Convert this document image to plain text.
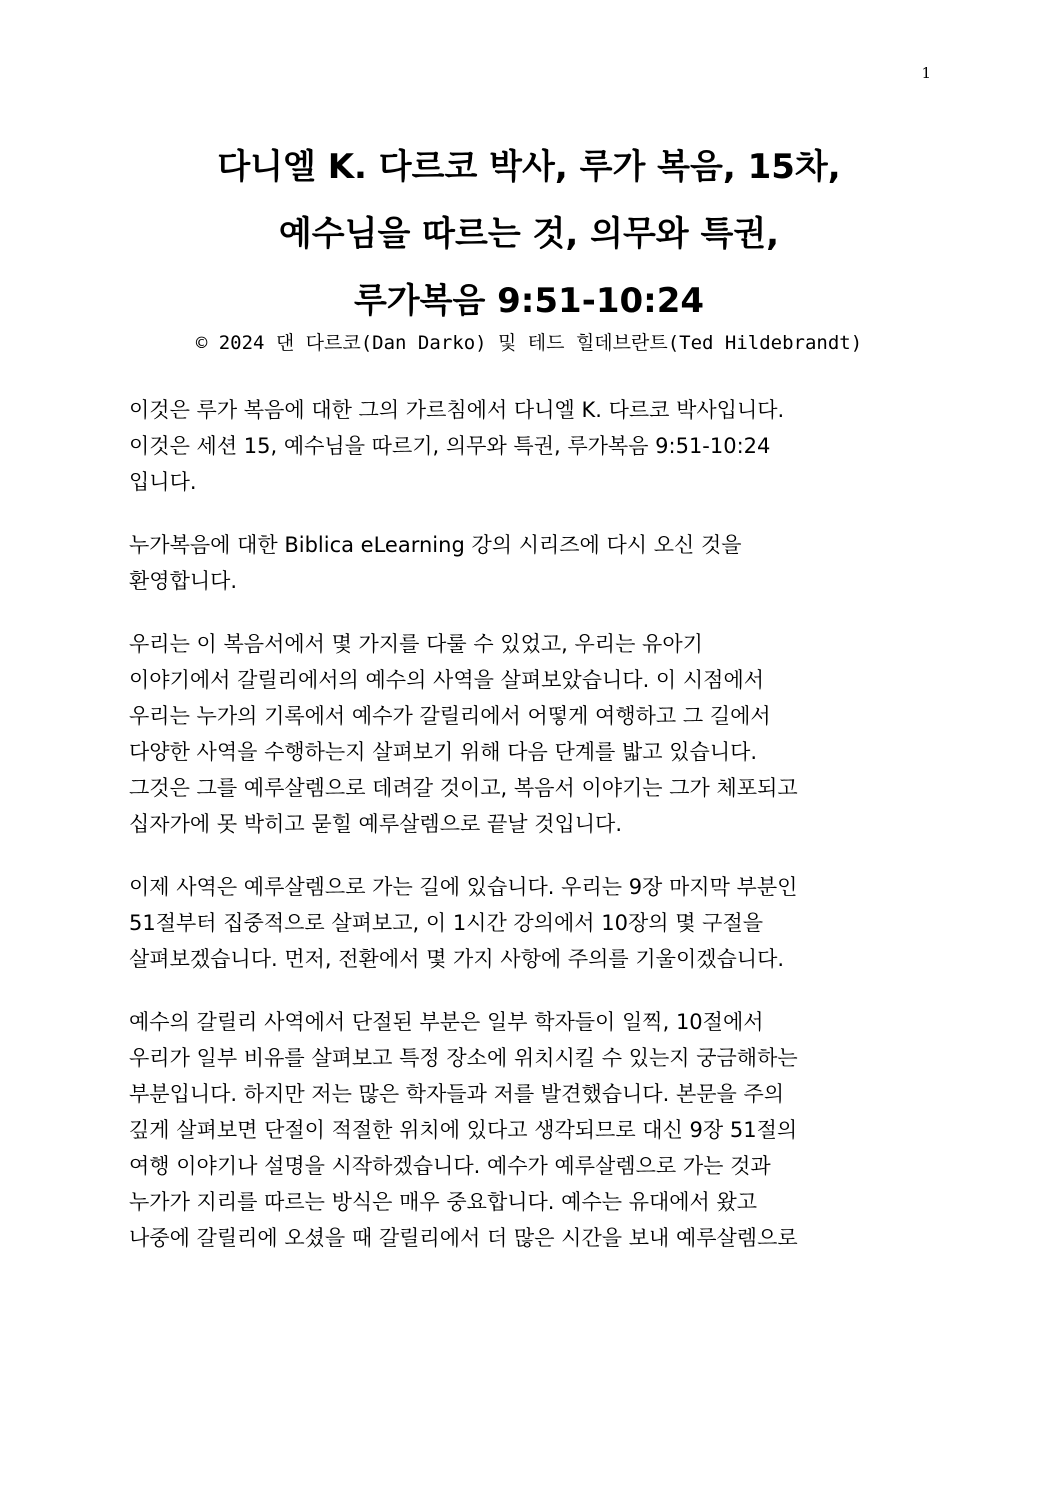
1
다니엘 K. 다르코 박사, 루가 복음, 15차,
예수님을 따르는 것, 의무와 특권,
루가복음 9:51-10:24
© 2024 댄 다르코(Dan Darko) 및 테드 힐데브란트(Ted Hildebrandt)

이것은 루가 복음에 대한 그의 가르침에서 다니엘 K. 다르코 박사입니다.
이것은 세션 15, 예수님을 따르기, 의무와 특권, 루가복음 9:51-10:24
입니다.

누가복음에 대한 Biblica eLearning 강의 시리즈에 다시 오신 것을
환영합니다.

우리는 이 복음서에서 몇 가지를 다룰 수 있었고, 우리는 유아기
이야기에서 갈릴리에서의 예수의 사역을 살펴보았습니다. 이 시점에서
우리는 누가의 기록에서 예수가 갈릴리에서 어떻게 여행하고 그 길에서
다양한 사역을 수행하는지 살펴보기 위해 다음 단계를 밟고 있습니다.
그것은 그를 예루살렘으로 데려갈 것이고, 복음서 이야기는 그가 체포되고
십자가에 못 박히고 묻힐 예루살렘으로 끝날 것입니다.

이제 사역은 예루살렘으로 가는 길에 있습니다. 우리는 9장 마지막 부분인
51절부터 집중적으로 살펴보고, 이 1시간 강의에서 10장의 몇 구절을
살펴보겠습니다. 먼저, 전환에서 몇 가지 사항에 주의를 기울이겠습니다.

예수의 갈릴리 사역에서 단절된 부분은 일부 학자들이 일찍, 10절에서
우리가 일부 비유를 살펴보고 특정 장소에 위치시킬 수 있는지 궁금해하는
부분입니다. 하지만 저는 많은 학자들과 저를 발견했습니다. 본문을 주의
깊게 살펴보면 단절이 적절한 위치에 있다고 생각되므로 대신 9장 51절의
여행 이야기나 설명을 시작하겠습니다. 예수가 예루살렘으로 가는 것과
누가가 지리를 따르는 방식은 매우 중요합니다. 예수는 유대에서 왔고
나중에 갈릴리에 오셨을 때 갈릴리에서 더 많은 시간을 보내 예루살렘으로
